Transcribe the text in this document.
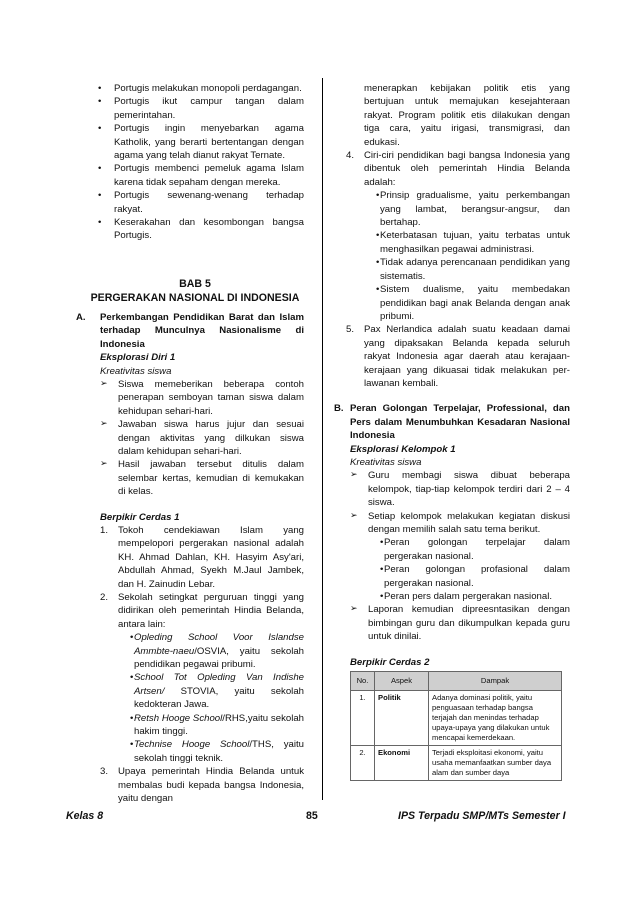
• Portugis melakukan monopoli perdagangan.

• Portugis ikut campur tangan dalam pemerintahan.

• Portugis ingin menyebarkan agama Katholik, yang berarti bertentangan dengan agama yang telah dianut rakyat Ternate.

• Portugis membenci pemeluk agama Islam karena tidak sepaham dengan mereka.

• Portugis sewenang-wenang terhadap rakyat.

• Keserakahan dan kesombongan bangsa Portugis.

BAB 5
PERGERAKAN NASIONAL DI INDONESIA
A. Perkembangan Pendidikan Barat dan Islam terhadap Munculnya Nasionalisme di Indonesia

Eksplorasi Diri 1

Kreativitas siswa

➢ Siswa memeberikan beberapa contoh penerapan semboyan taman siswa dalam kehidupan sehari-hari.

➢ Jawaban siswa harus jujur dan sesuai dengan aktivitas yang dilkukan siswa dalam kehidupan sehari-hari.

➢ Hasil jawaban tersebut ditulis dalam selembar kertas, kemudian di kemukakan di kelas.

Berpikir Cerdas 1

1. Tokoh cendekiawan Islam yang mempelopori pergerakan nasional adalah KH. Ahmad Dahlan, KH. Hasyim Asy'ari, Abdullah Ahmad, Syekh M.Jaul Jambek, dan H. Zainudin Lebar.
2. Sekolah setingkat perguruan tinggi yang didirikan oleh pemerintah Hindia Belanda, antara lain:

• Opleding School Voor Islandse Ammbte-naeu/OSVIA, yaitu sekolah pendidikan pegawai pribumi.

• School Tot Opleding Van Indishe Artsen/ STOVIA, yaitu sekolah kedokteran Jawa.

• Retsh Hooge School/RHS,yaitu sekolah hakim tinggi.

• Technise Hooge School/THS, yaitu sekolah tinggi teknik.

3. Upaya pemerintah Hindia Belanda untuk membalas budi kepada bangsa Indonesia, yaitu dengan

menerapkan kebijakan politik etis yang bertujuan untuk memajukan kesejahteraan rakyat. Program politik etis dilakukan dengan tiga cara, yaitu irigasi, transmigrasi, dan edukasi.

4. Ciri-ciri pendidikan bagi bangsa Indonesia yang dibentuk oleh pemerintah Hindia Belanda adalah:

• Prinsip gradualisme, yaitu perkembangan yang lambat, berangsur-angsur, dan bertahap.

• Keterbatasan tujuan, yaitu terbatas untuk menghasilkan pegawai administrasi.

• Tidak adanya perencanaan pendidikan yang sistematis.

• Sistem dualisme, yaitu membedakan pendidikan bagi anak Belanda dengan anak pribumi.

5. Pax Nerlandica adalah suatu keadaan damai yang dipaksakan Belanda kepada seluruh rakyat Indonesia agar daerah atau kerajaan-kerajaan yang dikuasai tidak melakukan per-lawanan kembali.
B. Peran Golongan Terpelajar, Professional, dan Pers dalam Menumbuhkan Kesadaran Nasional Indonesia

Eksplorasi Kelompok 1

Kreativitas siswa

➢ Guru membagi siswa dibuat beberapa kelompok, tiap-tiap kelompok terdiri dari 2 – 4 siswa.

➢ Setiap kelompok melakukan kegiatan diskusi dengan memilih salah satu tema berikut.

• Peran golongan terpelajar dalam pergerakan nasional.

• Peran golongan profasional dalam pergerakan nasional.

• Peran pers dalam pergerakan nasional.

➢ Laporan kemudian dipreesntasikan dengan bimbingan guru dan dikumpulkan kepada guru untuk dinilai.

Berpikir Cerdas 2

No.	Aspek	Dampak
1.	Politik	Adanya dominasi politik, yaitu penguasaan terhadap bangsa terjajah dan menindas terhadap upaya-upaya yang dilakukan untuk mencapai kemerdekaan.
2.	Ekonomi	Terjadi eksploitasi ekonomi, yaitu usaha memanfaatkan sumber daya alam dan sumber daya
Kelas 8	85	IPS Terpadu SMP/MTs Semester I
